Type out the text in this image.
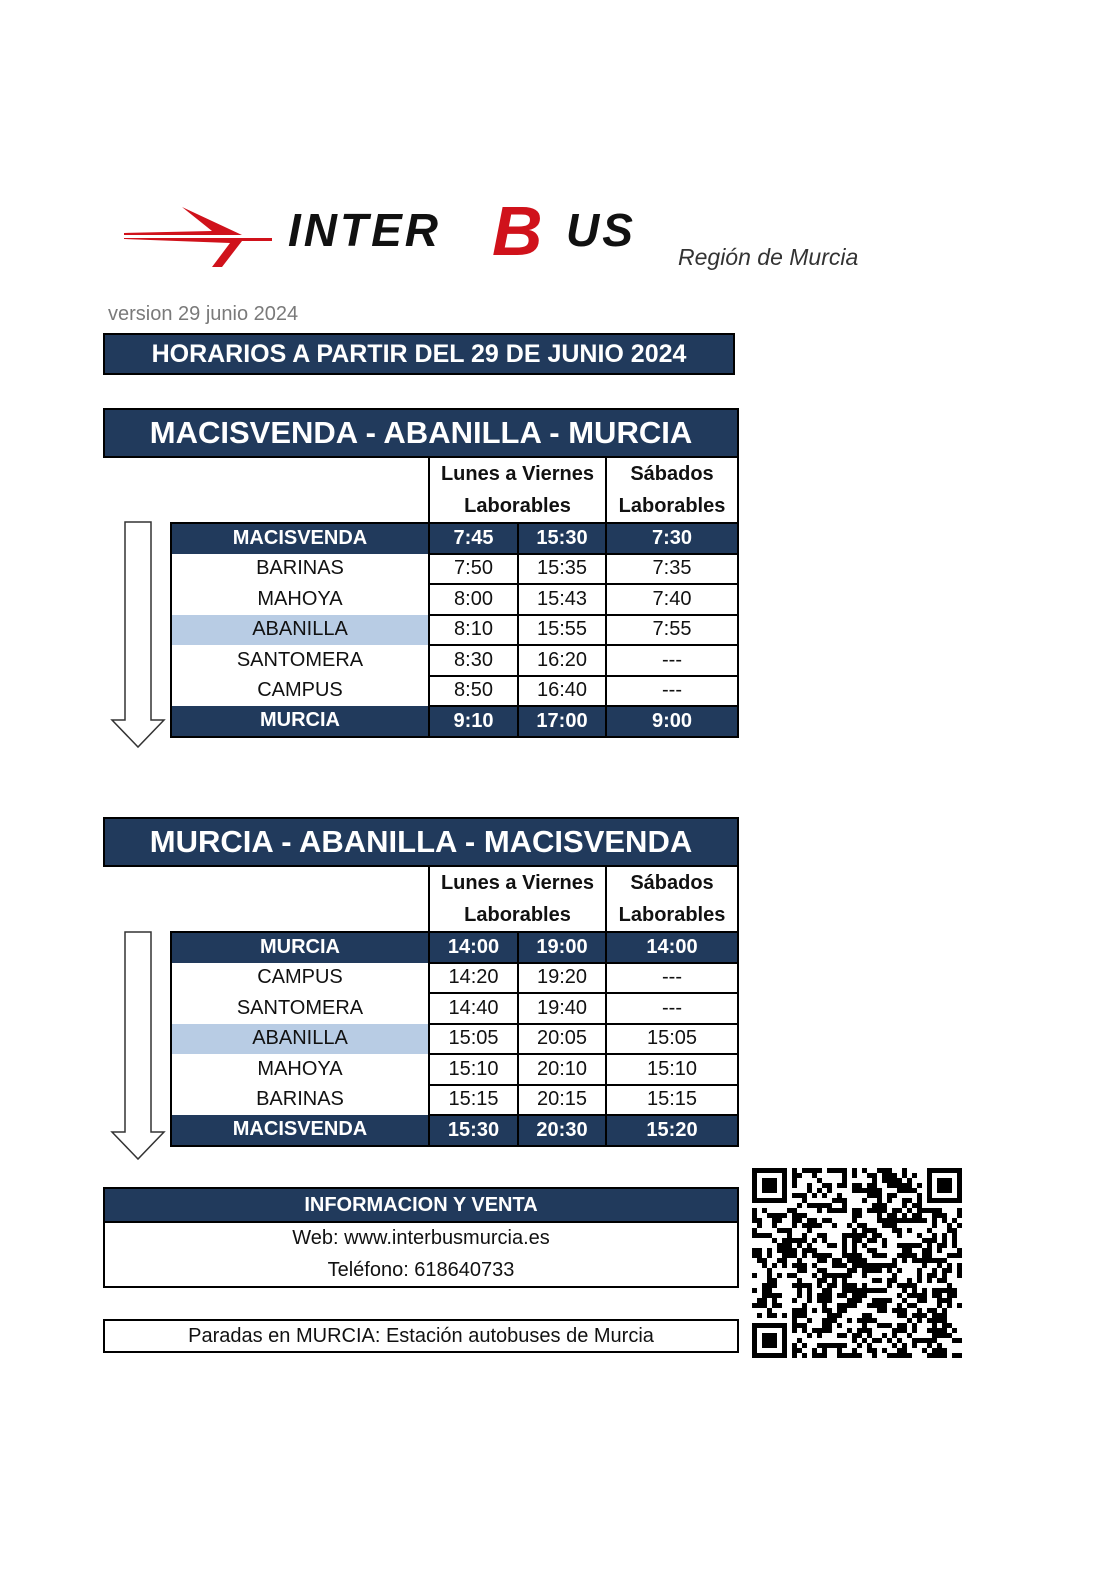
INTER B US
Región de Murcia
version 29 junio 2024
HORARIOS A PARTIR DEL 29 DE JUNIO 2024
MACISVENDA - ABANILLA - MURCIA
Lunes a Viernes
Laborables

Sábados
Laborables
MACISVENDA	7:45	15:30	7:30
BARINAS	7:50	15:35	7:35
MAHOYA	8:00	15:43	7:40
ABANILLA	8:10	15:55	7:55
SANTOMERA	8:30	16:20	---
CAMPUS	8:50	16:40	---
MURCIA	9:10	17:00	9:00
MURCIA - ABANILLA - MACISVENDA
Lunes a Viernes
Laborables

Sábados
Laborables
MURCIA	14:00	19:00	14:00
CAMPUS	14:20	19:20	---
SANTOMERA	14:40	19:40	---
ABANILLA	15:05	20:05	15:05
MAHOYA	15:10	20:10	15:10
BARINAS	15:15	20:15	15:15
MACISVENDA	15:30	20:30	15:20
INFORMACION Y VENTA
Web: www.interbusmurcia.es
Teléfono: 618640733
Paradas en MURCIA: Estación autobuses de Murcia
